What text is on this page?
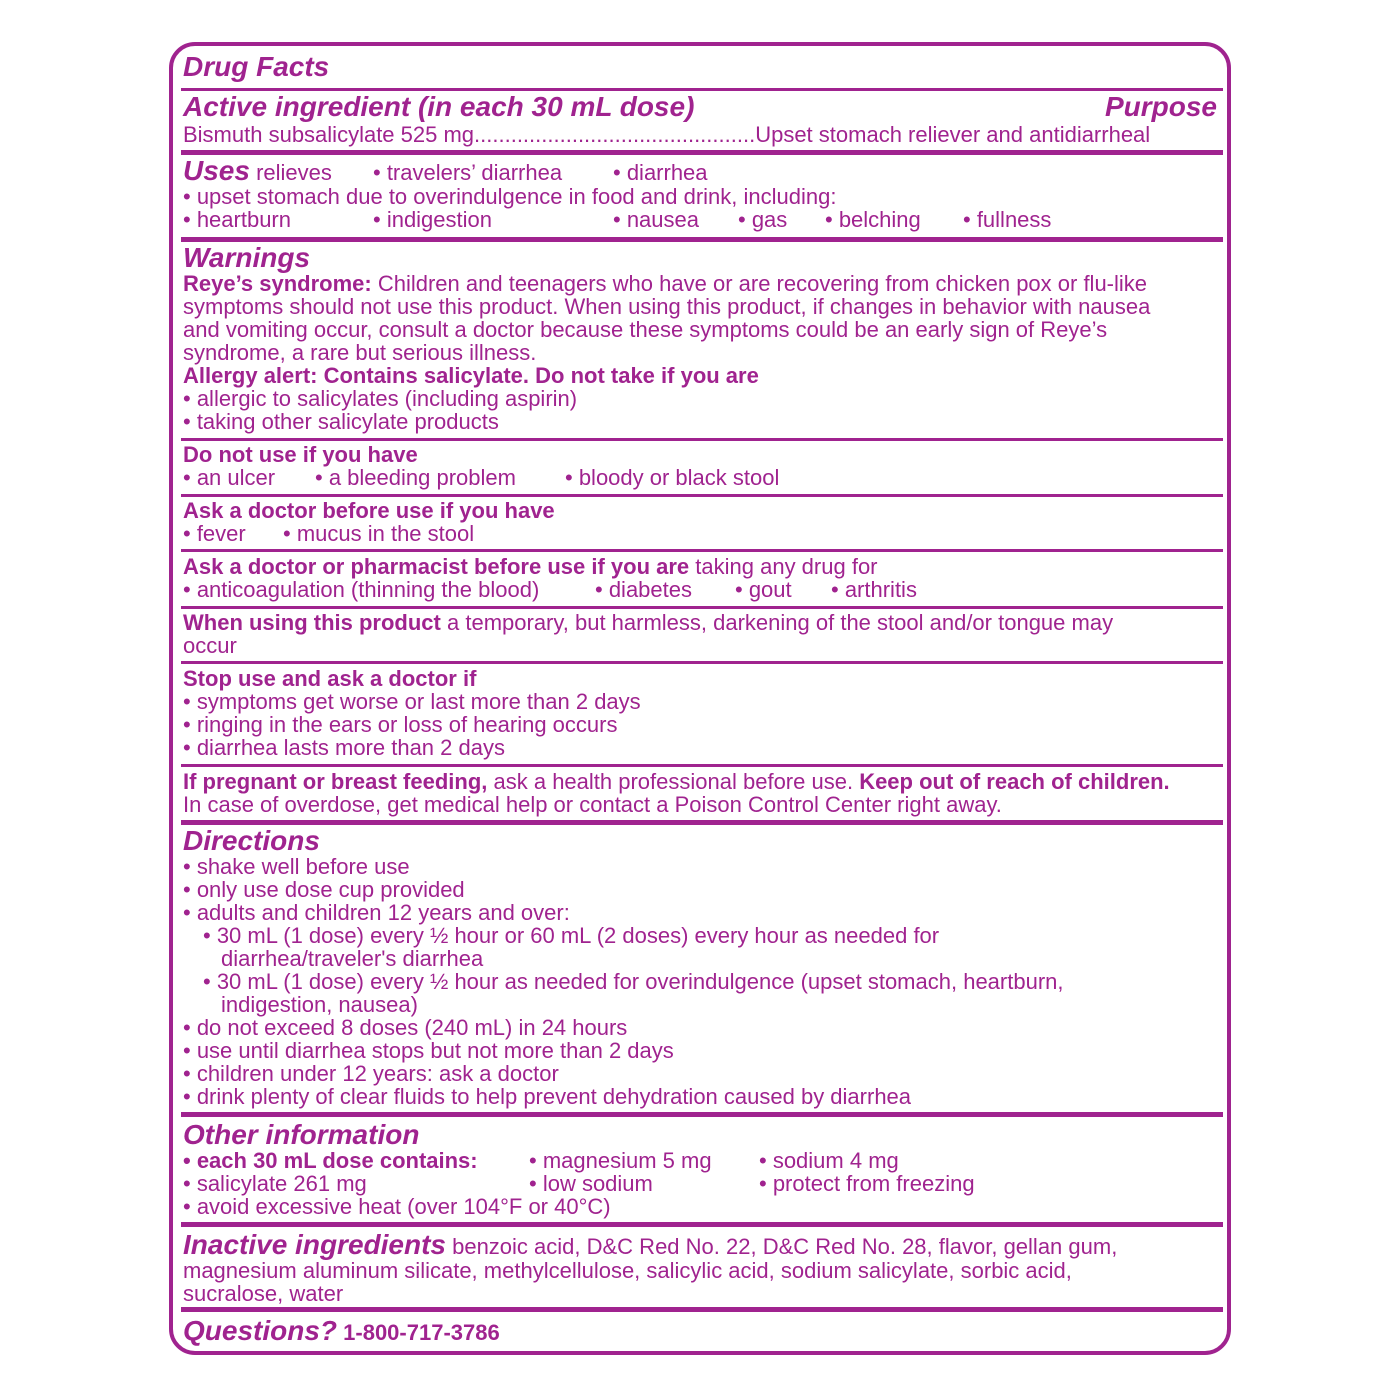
Drug Facts
Active ingredient (in each 30 mL dose)	Purpose
Bismuth subsalicylate 525 mg..............................................Upset stomach reliever and antidiarrheal
Uses relieves • travelers’ diarrhea • diarrhea
• upset stomach due to overindulgence in food and drink, including:
• heartburn	• indigestion	• nausea • gas • belching • fullness
Warnings
Reye’s syndrome: Children and teenagers who have or are recovering from chicken pox or flu-like
symptoms should not use this product. When using this product, if changes in behavior with nausea
and vomiting occur, consult a doctor because these symptoms could be an early sign of Reye’s
syndrome, a rare but serious illness.
Allergy alert: Contains salicylate. Do not take if you are
• allergic to salicylates (including aspirin)
• taking other salicylate products
Do not use if you have
• an ulcer • a bleeding problem • bloody or black stool
Ask a doctor before use if you have
• fever • mucus in the stool
Ask a doctor or pharmacist before use if you are taking any drug for
• anticoagulation (thinning the blood)	• diabetes • gout • arthritis
When using this product a temporary, but harmless, darkening of the stool and/or tongue may
occur
Stop use and ask a doctor if
• symptoms get worse or last more than 2 days
• ringing in the ears or loss of hearing occurs
• diarrhea lasts more than 2 days
If pregnant or breast feeding, ask a health professional before use. Keep out of reach of children.
In case of overdose, get medical help or contact a Poison Control Center right away.
Directions
• shake well before use
• only use dose cup provided
• adults and children 12 years and over:
• 30 mL (1 dose) every ½ hour or 60 mL (2 doses) every hour as needed for
diarrhea/traveler's diarrhea
• 30 mL (1 dose) every ½ hour as needed for overindulgence (upset stomach, heartburn,
indigestion, nausea)
• do not exceed 8 doses (240 mL) in 24 hours
• use until diarrhea stops but not more than 2 days
• children under 12 years: ask a doctor
• drink plenty of clear fluids to help prevent dehydration caused by diarrhea
Other information
• each 30 mL dose contains: • magnesium 5 mg • sodium 4 mg
• salicylate 261 mg	• low sodium	• protect from freezing
• avoid excessive heat (over 104°F or 40°C)
Inactive ingredients benzoic acid, D&C Red No. 22, D&C Red No. 28, flavor, gellan gum,
magnesium aluminum silicate, methylcellulose, salicylic acid, sodium salicylate, sorbic acid,
sucralose, water
Questions? 1-800-717-3786
